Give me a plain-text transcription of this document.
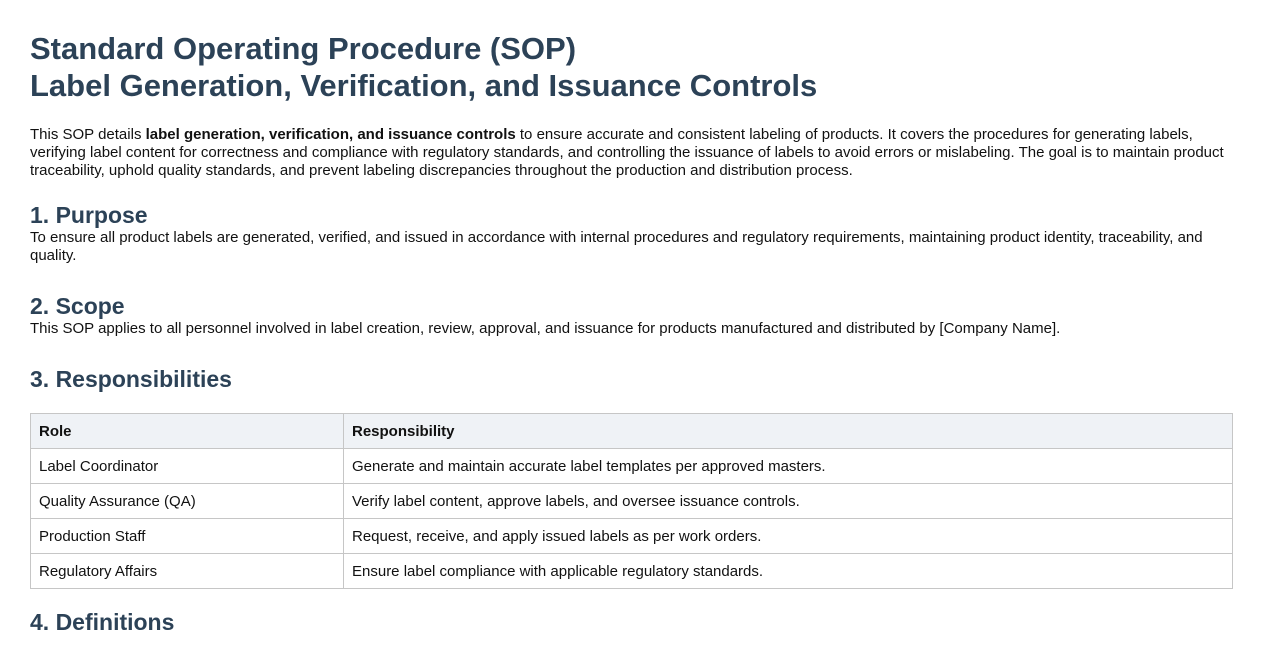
Standard Operating Procedure (SOP)
Label Generation, Verification, and Issuance Controls

This SOP details label generation, verification, and issuance controls to ensure accurate and consistent labeling of products. It covers the procedures for generating labels, verifying label content for correctness and compliance with regulatory standards, and controlling the issuance of labels to avoid errors or mislabeling. The goal is to maintain product traceability, uphold quality standards, and prevent labeling discrepancies throughout the production and distribution process.

1. Purpose

To ensure all product labels are generated, verified, and issued in accordance with internal procedures and regulatory requirements, maintaining product identity, traceability, and quality.

2. Scope

This SOP applies to all personnel involved in label creation, review, approval, and issuance for products manufactured and distributed by [Company Name].

3. Responsibilities
Role	Responsibility
Label Coordinator	Generate and maintain accurate label templates per approved masters.
Quality Assurance (QA)	Verify label content, approve labels, and oversee issuance controls.
Production Staff	Request, receive, and apply issued labels as per work orders.
Regulatory Affairs	Ensure label compliance with applicable regulatory standards.
4. Definitions
